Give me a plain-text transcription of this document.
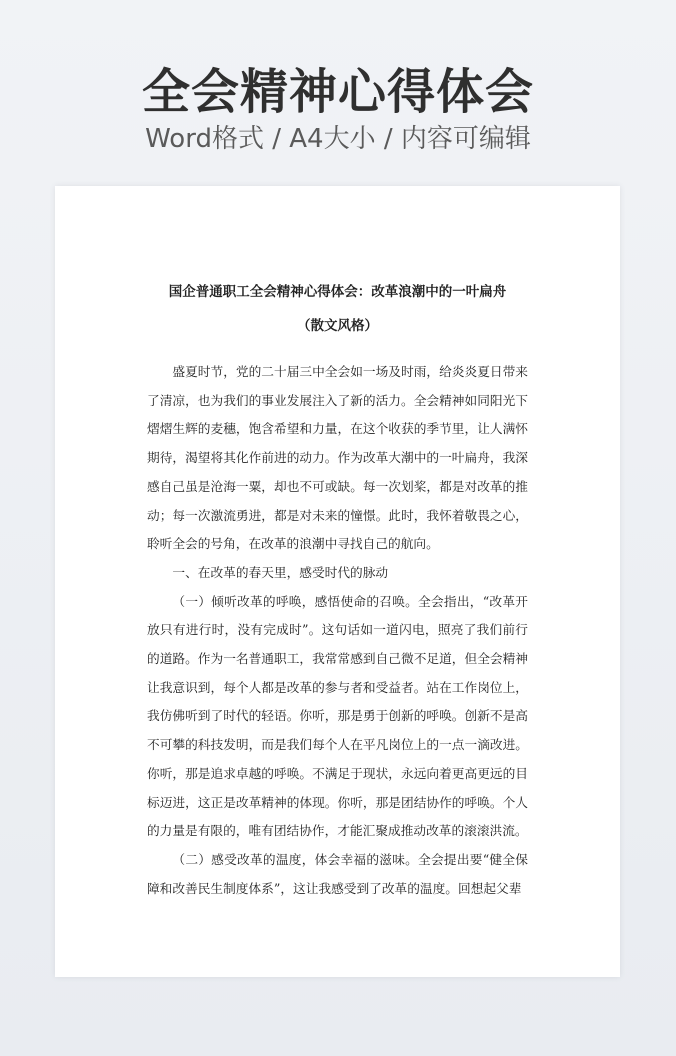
全会精神心得体会
Word格式 / A4大小 / 内容可编辑
国企普通职工全会精神心得体会：改革浪潮中的一叶扁舟
（散文风格）

盛夏时节，党的二十届三中全会如一场及时雨，给炎炎夏日带来了清凉，也为我们的事业发展注入了新的活力。全会精神如同阳光下熠熠生辉的麦穗，饱含希望和力量，在这个收获的季节里，让人满怀期待，渴望将其化作前进的动力。作为改革大潮中的一叶扁舟，我深感自己虽是沧海一粟，却也不可或缺。每一次划桨，都是对改革的推动；每一次激流勇进，都是对未来的憧憬。此时，我怀着敬畏之心，聆听全会的号角，在改革的浪潮中寻找自己的航向。

一、在改革的春天里，感受时代的脉动

（一）倾听改革的呼唤，感悟使命的召唤。全会指出，“改革开放只有进行时，没有完成时”。这句话如一道闪电，照亮了我们前行的道路。作为一名普通职工，我常常感到自己微不足道，但全会精神让我意识到，每个人都是改革的参与者和受益者。站在工作岗位上，我仿佛听到了时代的轻语。你听，那是勇于创新的呼唤。创新不是高不可攀的科技发明，而是我们每个人在平凡岗位上的一点一滴改进。你听，那是追求卓越的呼唤。不满足于现状，永远向着更高更远的目标迈进，这正是改革精神的体现。你听，那是团结协作的呼唤。个人的力量是有限的，唯有团结协作，才能汇聚成推动改革的滚滚洪流。

（二）感受改革的温度，体会幸福的滋味。全会提出要“健全保障和改善民生制度体系”，这让我感受到了改革的温度。回想起父辈
